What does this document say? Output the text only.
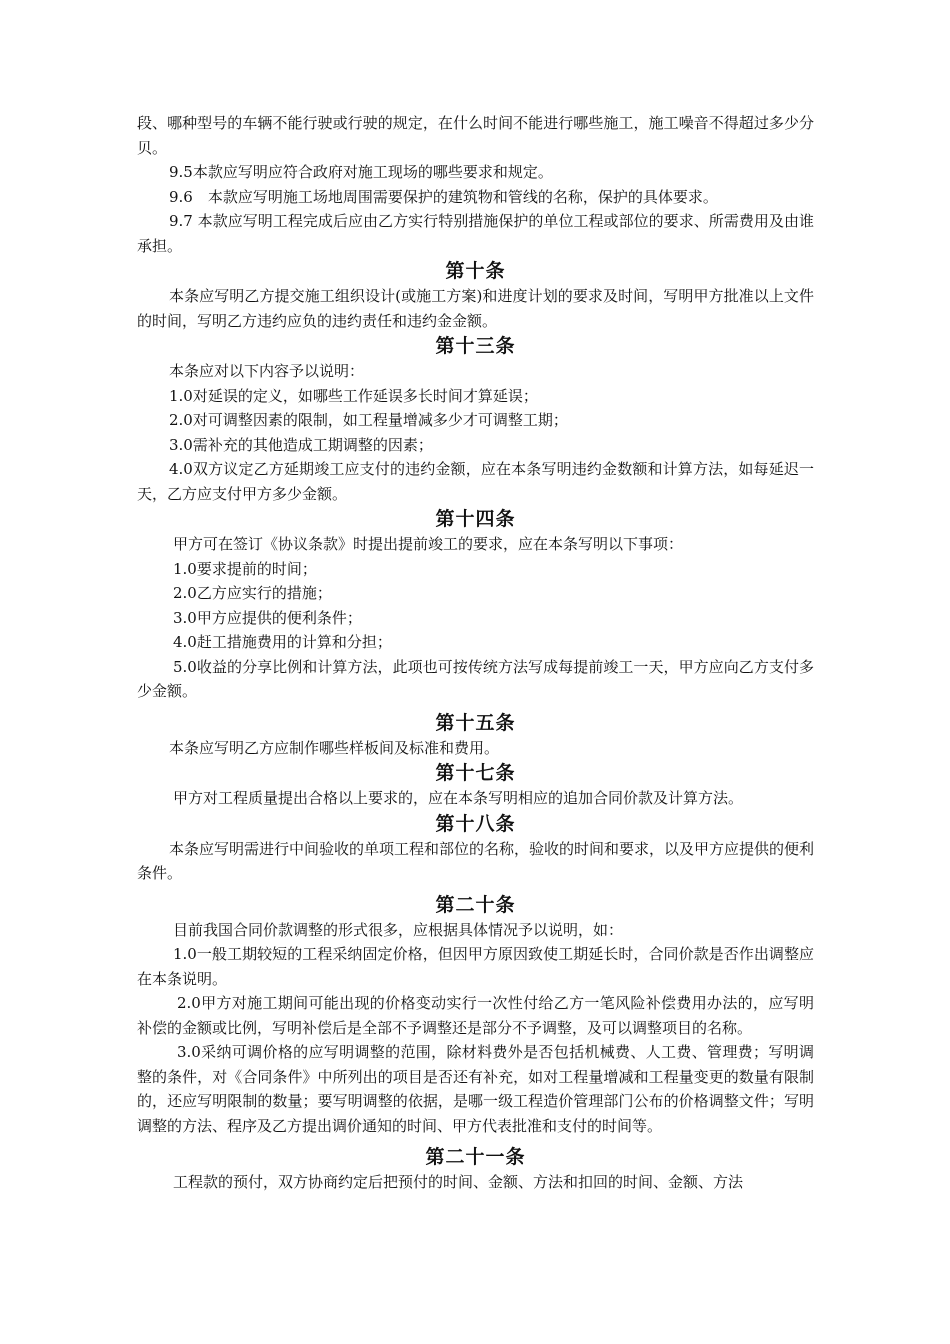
段、哪种型号的车辆不能行驶或行驶的规定，在什么时间不能进行哪些施工，施工噪音不得超过多少分贝。

9.5本款应写明应符合政府对施工现场的哪些要求和规定。

9.6　本款应写明施工场地周围需要保护的建筑物和管线的名称，保护的具体要求。

9.7 本款应写明工程完成后应由乙方实行特别措施保护的单位工程或部位的要求、所需费用及由谁承担。

第十条

本条应写明乙方提交施工组织设计(或施工方案)和进度计划的要求及时间，写明甲方批准以上文件的时间，写明乙方违约应负的违约责任和违约金金额。

第十三条

本条应对以下内容予以说明：

1.0对延误的定义，如哪些工作延误多长时间才算延误；

2.0对可调整因素的限制，如工程量增减多少才可调整工期；

3.0需补充的其他造成工期调整的因素；

4.0双方议定乙方延期竣工应支付的违约金额，应在本条写明违约金数额和计算方法，如每延迟一天，乙方应支付甲方多少金额。

第十四条

甲方可在签订《协议条款》时提出提前竣工的要求，应在本条写明以下事项：

1.0要求提前的时间；

2.0乙方应实行的措施；

3.0甲方应提供的便利条件；

4.0赶工措施费用的计算和分担；

5.0收益的分享比例和计算方法，此项也可按传统方法写成每提前竣工一天，甲方应向乙方支付多少金额。

第十五条

本条应写明乙方应制作哪些样板间及标准和费用。

第十七条

甲方对工程质量提出合格以上要求的，应在本条写明相应的追加合同价款及计算方法。

第十八条

本条应写明需进行中间验收的单项工程和部位的名称，验收的时间和要求，以及甲方应提供的便利条件。

第二十条

目前我国合同价款调整的形式很多，应根据具体情况予以说明，如：

1.0一般工期较短的工程采纳固定价格，但因甲方原因致使工期延长时，合同价款是否作出调整应在本条说明。

2.0甲方对施工期间可能出现的价格变动实行一次性付给乙方一笔风险补偿费用办法的，应写明补偿的金额或比例，写明补偿后是全部不予调整还是部分不予调整，及可以调整项目的名称。

3.0采纳可调价格的应写明调整的范围，除材料费外是否包括机械费、人工费、管理费；写明调整的条件，对《合同条件》中所列出的项目是否还有补充，如对工程量增减和工程量变更的数量有限制的，还应写明限制的数量；要写明调整的依据，是哪一级工程造价管理部门公布的价格调整文件；写明调整的方法、程序及乙方提出调价通知的时间、甲方代表批准和支付的时间等。

第二十一条

工程款的预付，双方协商约定后把预付的时间、金额、方法和扣回的时间、金额、方法
